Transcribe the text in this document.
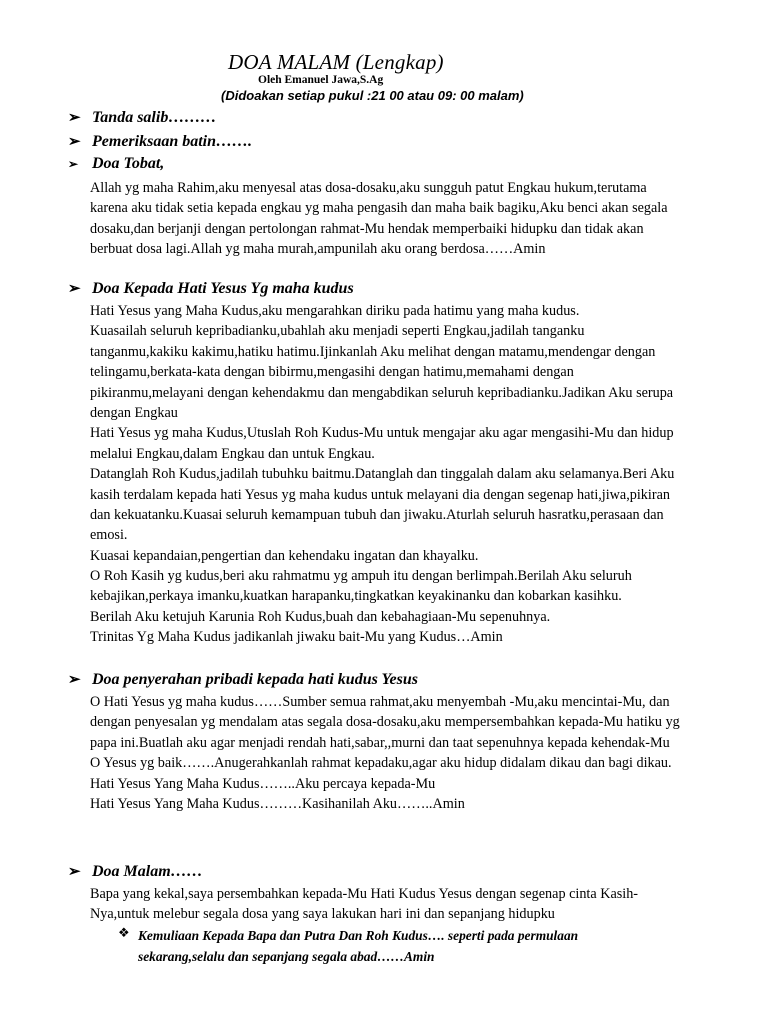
DOA MALAM (Lengkap)
Oleh Emanuel Jawa,S.Ag
(Didoakan setiap pukul :21 00 atau 09: 00 malam)
➢ Tanda salib………
➢ Pemeriksaan batin…….
➢ Doa Tobat,
Allah yg maha Rahim,aku menyesal atas dosa-dosaku,aku sungguh patut Engkau hukum,terutama
karena aku tidak setia kepada engkau yg maha pengasih dan maha baik bagiku,Aku benci akan segala
dosaku,dan berjanji dengan pertolongan rahmat-Mu hendak memperbaiki hidupku dan tidak akan
berbuat dosa lagi.Allah yg maha murah,ampunilah aku orang berdosa……Amin
➢ Doa Kepada Hati Yesus Yg maha kudus
Hati Yesus yang Maha Kudus,aku mengarahkan diriku pada hatimu yang maha kudus.
Kuasailah seluruh kepribadianku,ubahlah aku menjadi seperti Engkau,jadilah tanganku
tanganmu,kakiku kakimu,hatiku hatimu.Ijinkanlah Aku melihat dengan matamu,mendengar dengan
telingamu,berkata-kata dengan bibirmu,mengasihi dengan hatimu,memahami dengan
pikiranmu,melayani dengan kehendakmu dan mengabdikan seluruh kepribadianku.Jadikan Aku serupa
dengan Engkau
Hati Yesus yg maha Kudus,Utuslah Roh Kudus-Mu untuk mengajar aku agar mengasihi-Mu dan hidup
melalui Engkau,dalam Engkau dan untuk Engkau.
Datanglah Roh Kudus,jadilah tubuhku baitmu.Datanglah dan tinggalah dalam aku selamanya.Beri Aku
kasih terdalam kepada hati Yesus yg maha kudus untuk melayani dia dengan segenap hati,jiwa,pikiran
dan kekuatanku.Kuasai seluruh kemampuan tubuh dan jiwaku.Aturlah seluruh hasratku,perasaan dan
emosi.
Kuasai kepandaian,pengertian dan kehendaku ingatan dan khayalku.
O Roh Kasih yg kudus,beri aku rahmatmu yg ampuh itu dengan berlimpah.Berilah Aku seluruh
kebajikan,perkaya imanku,kuatkan harapanku,tingkatkan keyakinanku dan kobarkan kasihku.
Berilah Aku ketujuh Karunia Roh Kudus,buah dan kebahagiaan-Mu sepenuhnya.
Trinitas Yg Maha Kudus jadikanlah jiwaku bait-Mu yang Kudus…Amin
➢ Doa penyerahan pribadi kepada hati kudus Yesus
O Hati Yesus yg maha kudus……Sumber semua rahmat,aku menyembah -Mu,aku mencintai-Mu, dan
dengan penyesalan yg mendalam atas segala dosa-dosaku,aku mempersembahkan kepada-Mu hatiku yg
papa ini.Buatlah aku agar menjadi rendah hati,sabar,,murni dan taat sepenuhnya kepada kehendak-Mu
O Yesus yg baik…….Anugerahkanlah rahmat kepadaku,agar aku hidup didalam dikau dan bagi dikau.
Hati Yesus Yang Maha Kudus……..Aku percaya kepada-Mu
Hati Yesus Yang Maha Kudus………Kasihanilah Aku……..Amin
➢ Doa Malam……
Bapa yang kekal,saya persembahkan kepada-Mu Hati Kudus Yesus dengan segenap cinta Kasih-
Nya,untuk melebur segala dosa yang saya lakukan hari ini dan sepanjang hidupku
❖ Kemuliaan Kepada Bapa dan Putra Dan Roh Kudus…. seperti pada permulaan
sekarang,selalu dan sepanjang segala abad……Amin
